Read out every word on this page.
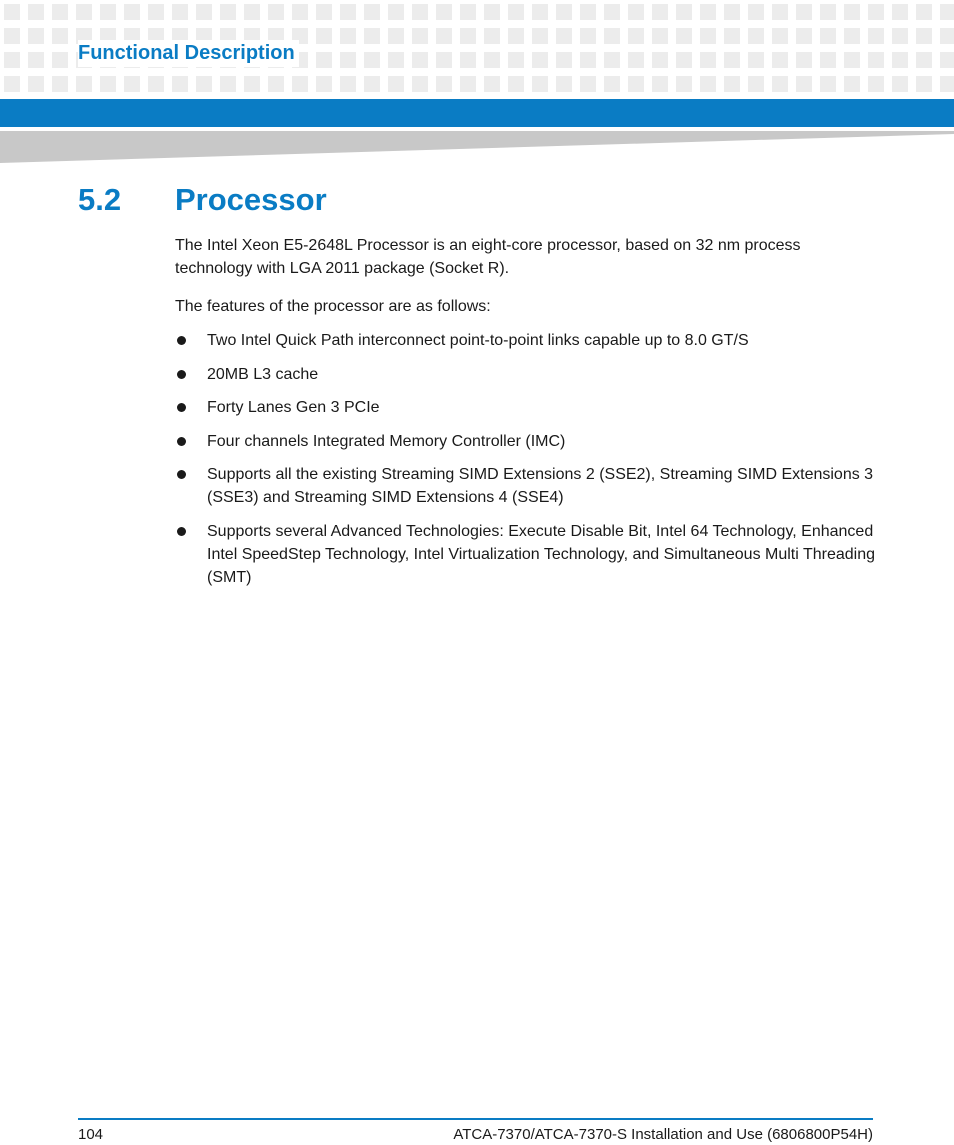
Functional Description
5.2 Processor
The Intel Xeon E5-2648L Processor is an eight-core processor, based on 32 nm process technology with LGA 2011 package (Socket R).
The features of the processor are as follows:
Two Intel Quick Path interconnect point-to-point links capable up to 8.0 GT/S
20MB L3 cache
Forty Lanes Gen 3 PCIe
Four channels Integrated Memory Controller (IMC)
Supports all the existing Streaming SIMD Extensions 2 (SSE2), Streaming SIMD Extensions 3 (SSE3) and Streaming SIMD Extensions 4 (SSE4)
Supports several Advanced Technologies: Execute Disable Bit, Intel 64 Technology, Enhanced Intel SpeedStep Technology, Intel Virtualization Technology, and Simultaneous Multi Threading (SMT)
104	ATCA-7370/ATCA-7370-S Installation and Use (6806800P54H)
